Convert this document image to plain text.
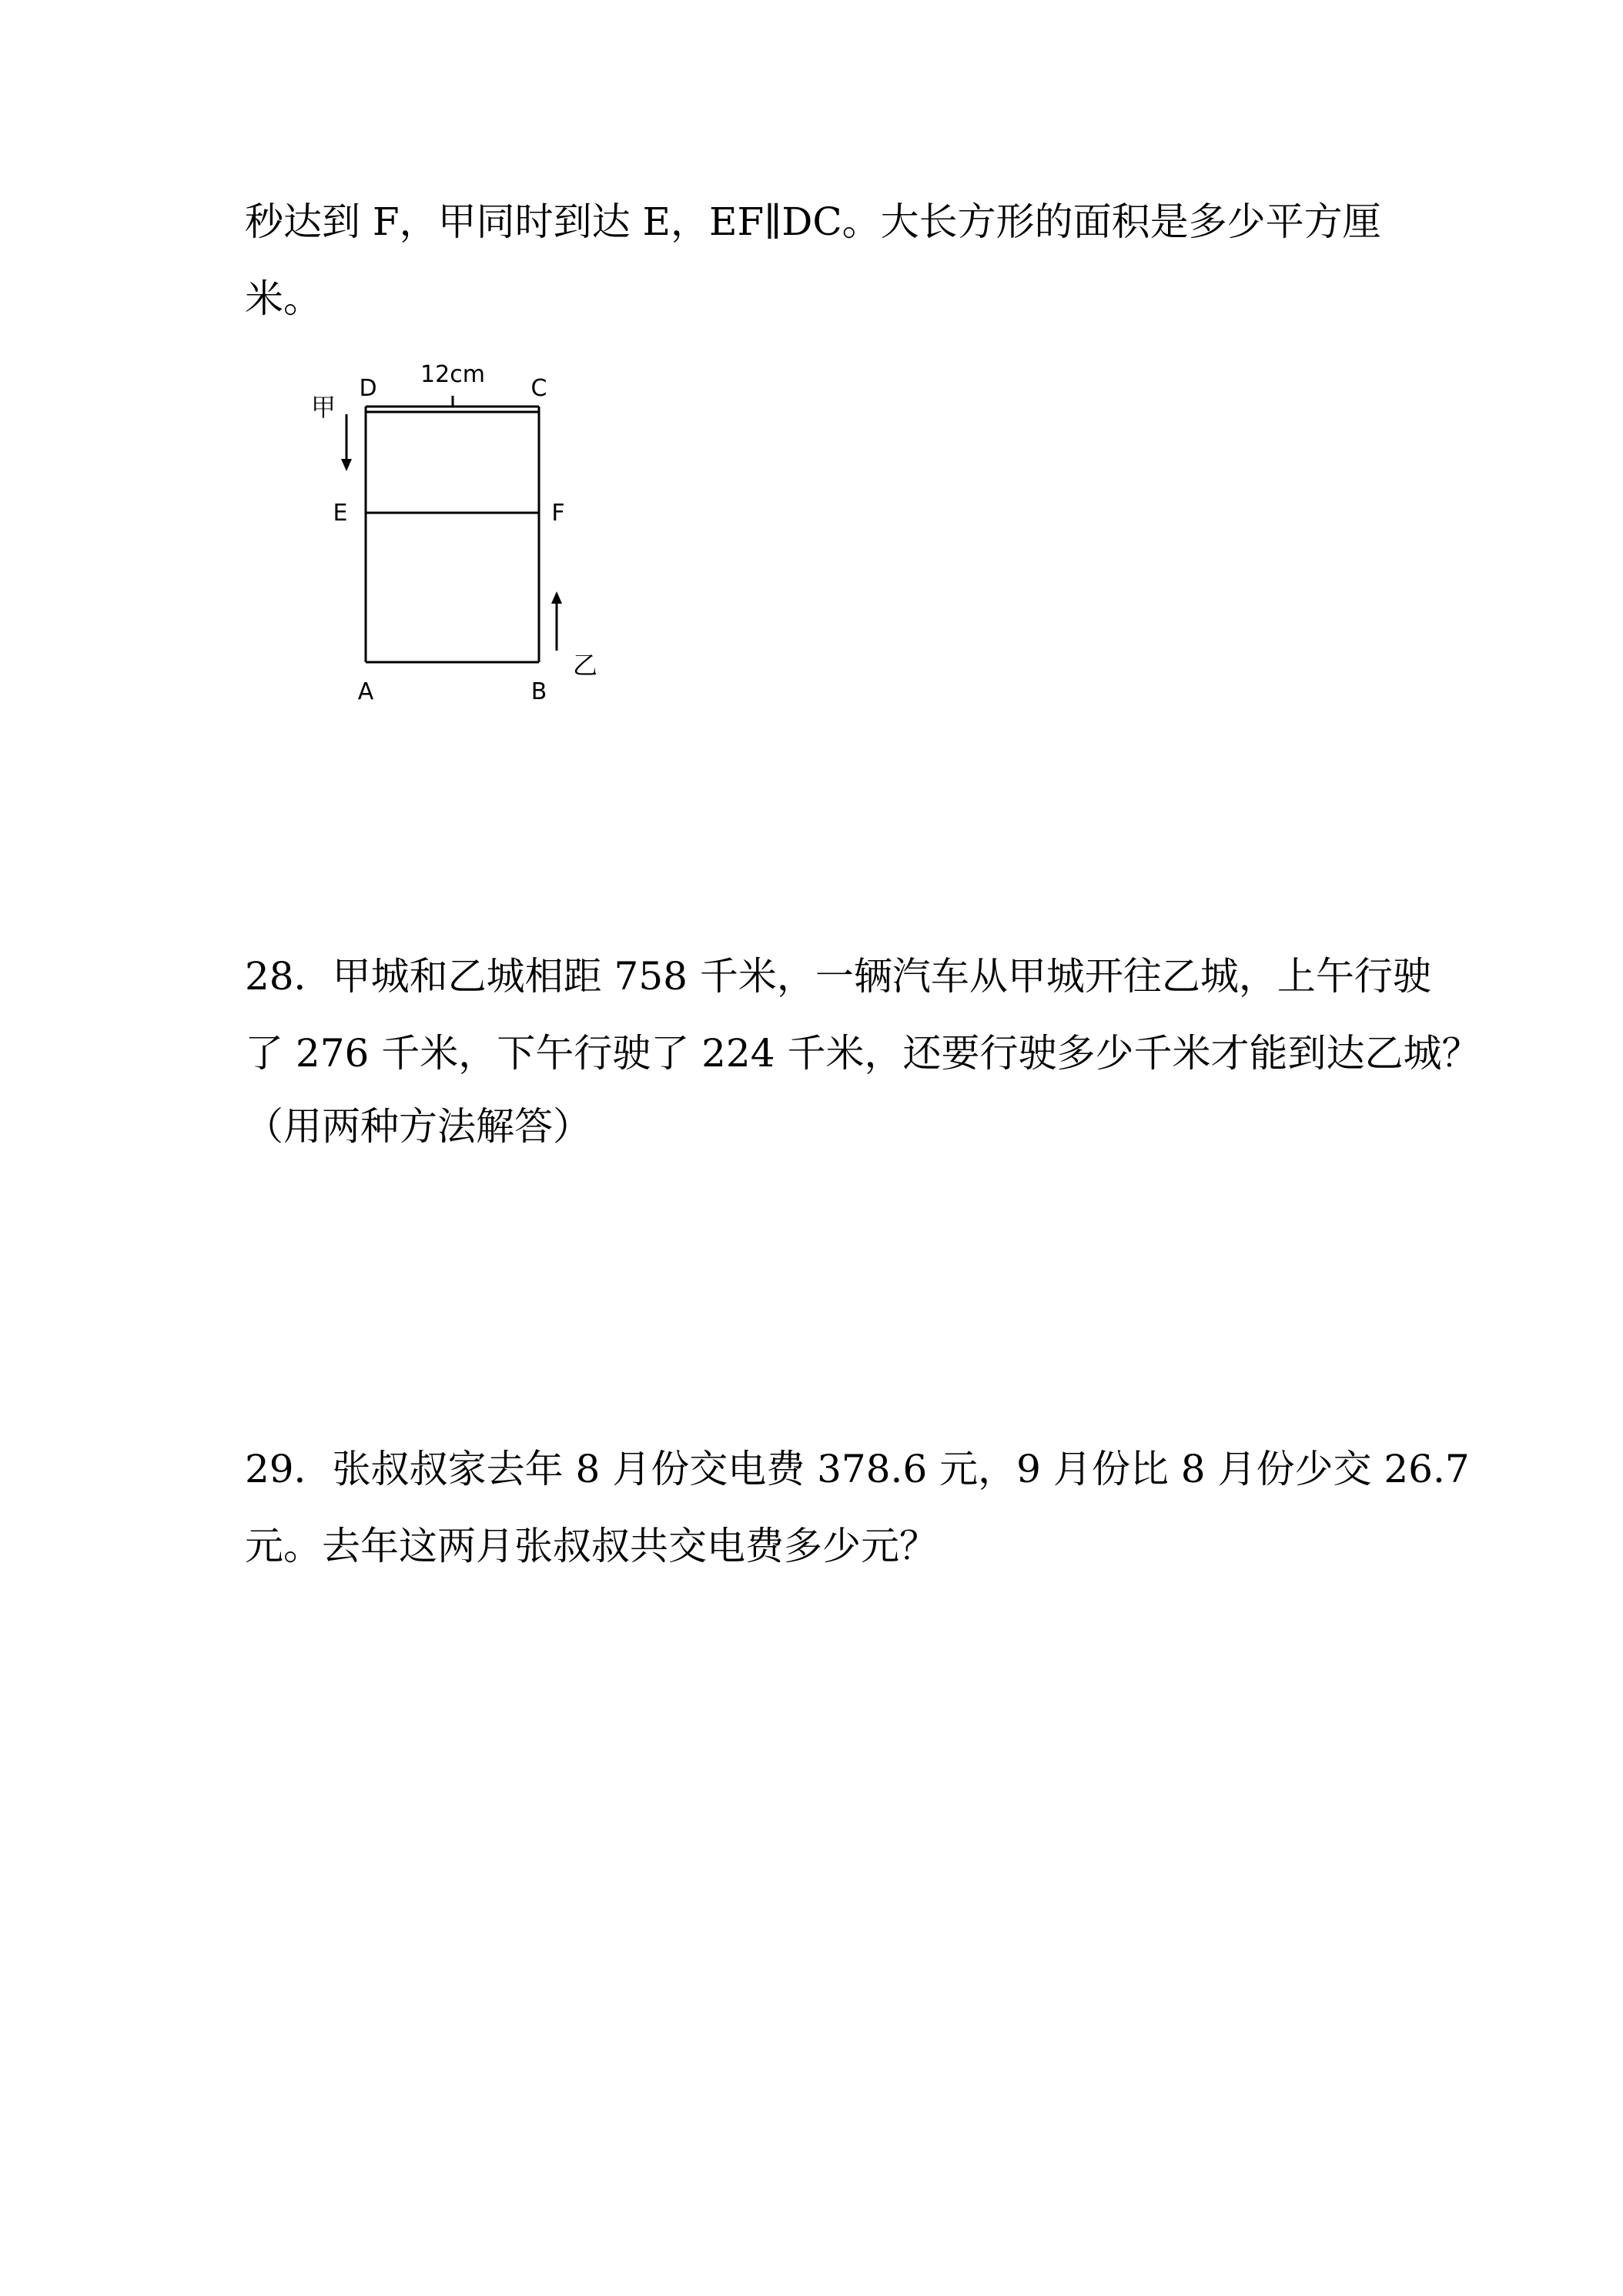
秒达到 F，甲同时到达 E，EF∥DC。大长方形的面积是多少平方厘

米。

12cm
D	C
E	F
A	B
甲
乙

28．甲城和乙城相距 758 千米，一辆汽车从甲城开往乙城，上午行驶

了 276 千米，下午行驶了 224 千米，还要行驶多少千米才能到达乙城？

（用两种方法解答）

29．张叔叔家去年 8 月份交电费 378.6 元，9 月份比 8 月份少交 26.7

元。去年这两月张叔叔共交电费多少元？
